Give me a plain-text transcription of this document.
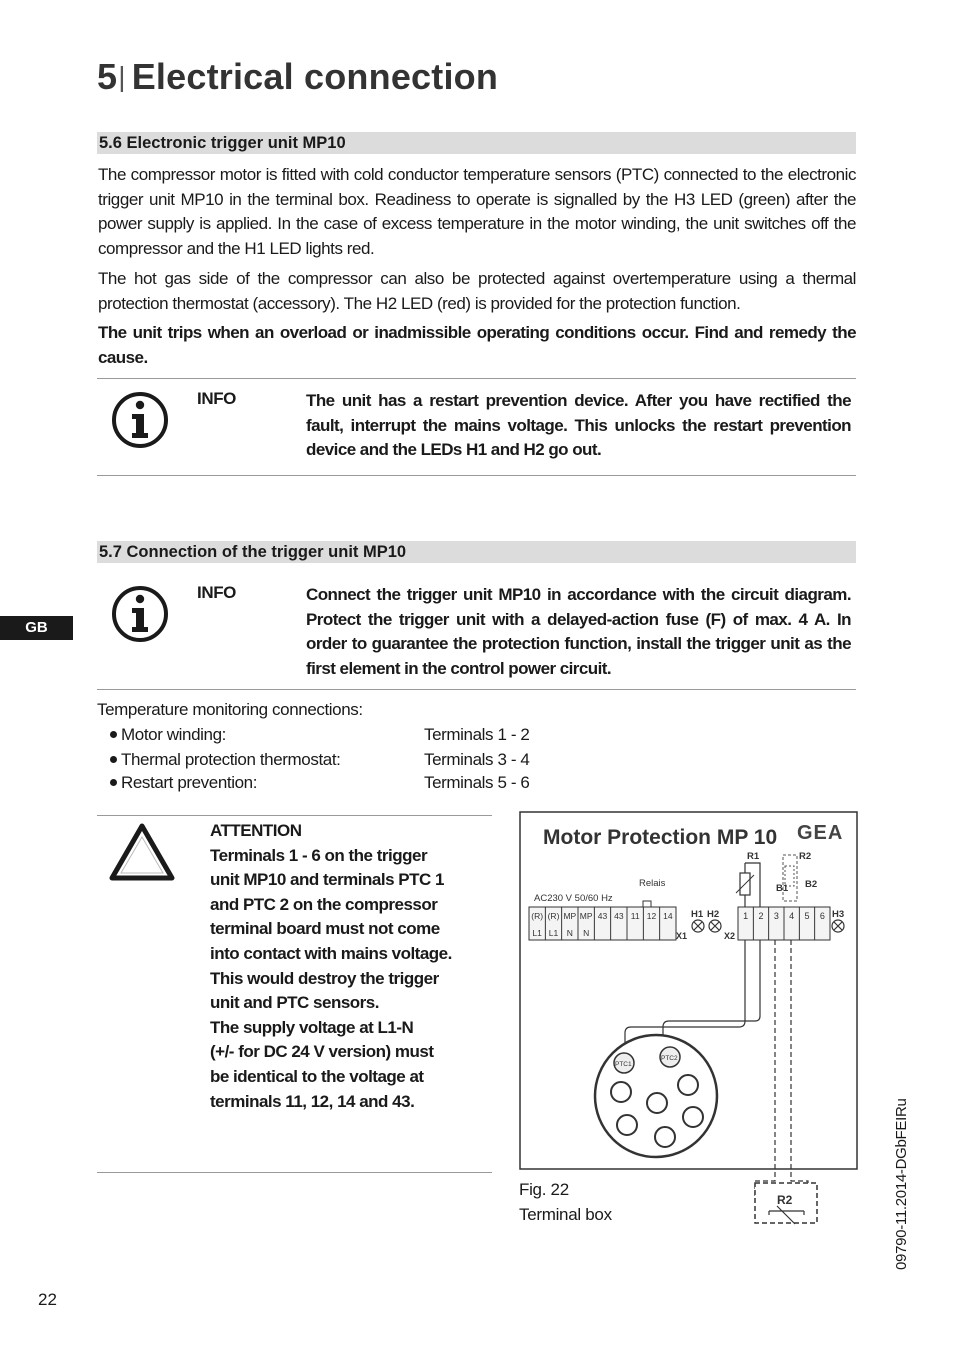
5| Electrical connection
5.6 Electronic trigger unit MP10
The compressor motor is fitted with cold conductor temperature sensors (PTC) connected to the electronic trigger unit MP10 in the terminal box. Readiness to operate is signalled by the H3 LED (green) after the power supply is applied. In the case of excess temperature in the motor winding, the unit switches off the compressor and the H1 LED lights red.
The hot gas side of the compressor can also be protected against overtemperature using a thermal protection thermostat (accessory). The H2 LED (red) is provided for the protection function.
The unit trips when an overload or inadmissible operating conditions occur. Find and remedy the cause.
INFO	The unit has a restart prevention device. After you have rectified the fault, interrupt the mains voltage. This unlocks the restart prevention device and the LEDs H1 and H2 go out.
5.7 Connection of the trigger unit MP10
INFO	Connect the trigger unit MP10 in accordance with the circuit diagram. Protect the trigger unit with a delayed-action fuse (F) of max. 4 A. In order to guarantee the protection function, install the trigger unit as the first element in the control power circuit.
GB
Temperature monitoring connections:
Motor winding:	Terminals 1 - 2
Thermal protection thermostat:	Terminals 3 - 4
Restart prevention:	Terminals 5 - 6
ATTENTION
Terminals 1 - 6 on the trigger
unit MP10 and terminals PTC 1
and PTC 2 on the compressor
terminal board must not come
into contact with mains voltage.
This would destroy the trigger
unit and PTC sensors.
The supply voltage at L1-N
(+/- for DC 24 V version) must
be identical to the voltage at
terminals 11, 12, 14 and 43.
Motor Protection MP 10 GEA
AC230 V 50/60 Hz
Relais
(R)
L1
(R)
L1
MP
N
MP
N
43 43 11 12 14 H1 H2
X1	X2
R1	R2
B1 B2
1 2 3 4 5 6 H3
PTC1
PTC2
R2
Fig. 22
Terminal box	09790-11.2014-DGbFEIRu
22
